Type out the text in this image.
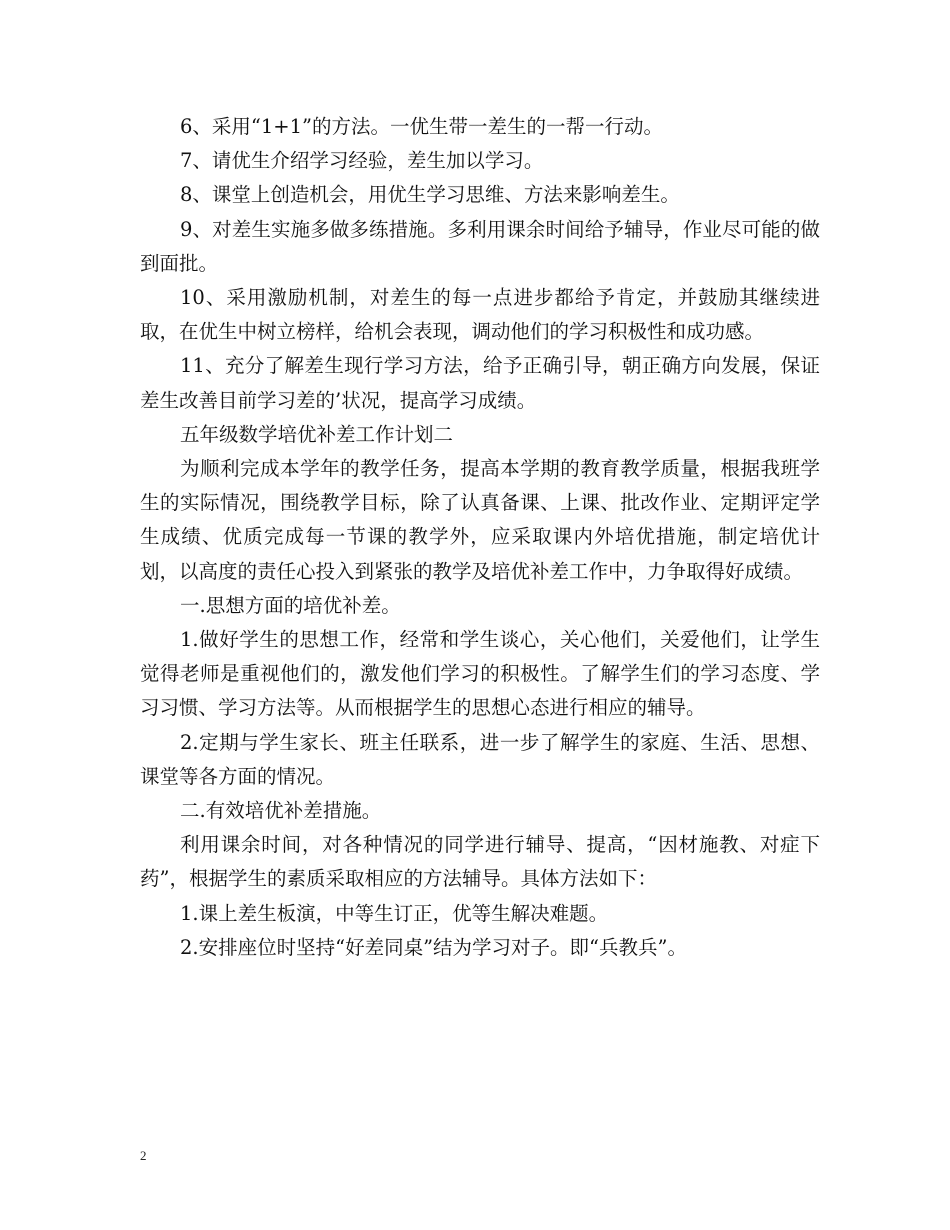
6、采用“1+1”的方法。一优生带一差生的一帮一行动。

7、请优生介绍学习经验，差生加以学习。

8、课堂上创造机会，用优生学习思维、方法来影响差生。

9、对差生实施多做多练措施。多利用课余时间给予辅导，作业尽可能的做到面批。

10、采用激励机制，对差生的每一点进步都给予肯定，并鼓励其继续进取，在优生中树立榜样，给机会表现，调动他们的学习积极性和成功感。

11、充分了解差生现行学习方法，给予正确引导，朝正确方向发展，保证差生改善目前学习差的’状况，提高学习成绩。

五年级数学培优补差工作计划二

为顺利完成本学年的教学任务，提高本学期的教育教学质量，根据我班学生的实际情况，围绕教学目标，除了认真备课、上课、批改作业、定期评定学生成绩、优质完成每一节课的教学外，应采取课内外培优措施，制定培优计划，以高度的责任心投入到紧张的教学及培优补差工作中，力争取得好成绩。

一.思想方面的培优补差。

1.做好学生的思想工作，经常和学生谈心，关心他们，关爱他们，让学生觉得老师是重视他们的，激发他们学习的积极性。了解学生们的学习态度、学习习惯、学习方法等。从而根据学生的思想心态进行相应的辅导。

2.定期与学生家长、班主任联系，进一步了解学生的家庭、生活、思想、课堂等各方面的情况。

二.有效培优补差措施。

利用课余时间，对各种情况的同学进行辅导、提高，“因材施教、对症下药”，根据学生的素质采取相应的方法辅导。具体方法如下：

1.课上差生板演，中等生订正，优等生解决难题。

2.安排座位时坚持“好差同桌”结为学习对子。即“兵教兵”。

2
